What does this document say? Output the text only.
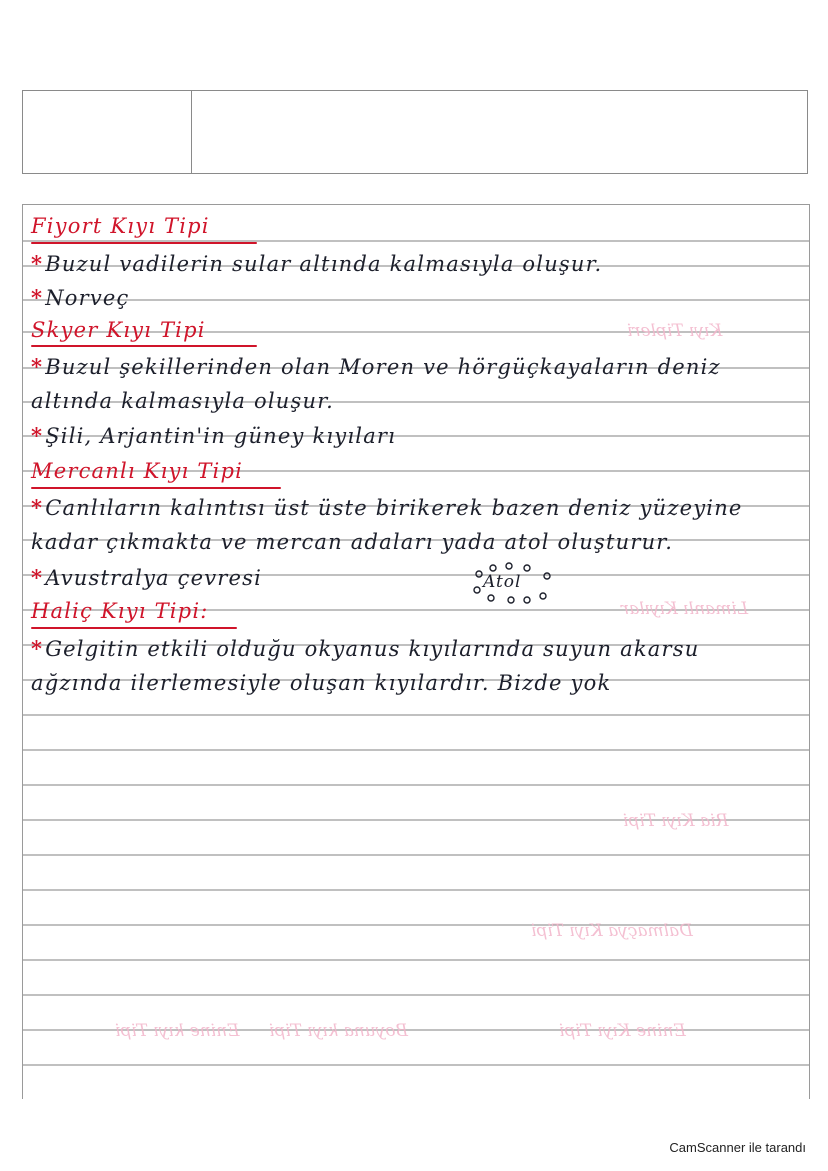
Kıyı Tipleri
Limanlı Kıyılar
Ria Kıyı Tipi
Dalmaçya Kıyı Tipi
Enine Kıyı Tipi
Boyuna kıyı Tipi
Enine kıyı Tipi
Fiyort Kıyı Tipi
*Buzul vadilerin sular altında kalmasıyla oluşur.
*Norveç
Skyer Kıyı Tipi
*Buzul şekillerinden olan Moren ve hörgüçkayaların deniz
altında kalmasıyla oluşur.
*Şili, Arjantin'in güney kıyıları
Mercanlı Kıyı Tipi
*Canlıların kalıntısı üst üste birikerek bazen deniz yüzeyine
kadar çıkmakta ve mercan adaları yada atol oluşturur.
*Avustralya çevresi	Atol
Haliç Kıyı Tipi:
*Gelgitin etkili olduğu okyanus kıyılarında suyun akarsu
ağzında ilerlemesiyle oluşan kıyılardır. Bizde yok
CamScanner ile tarandı
